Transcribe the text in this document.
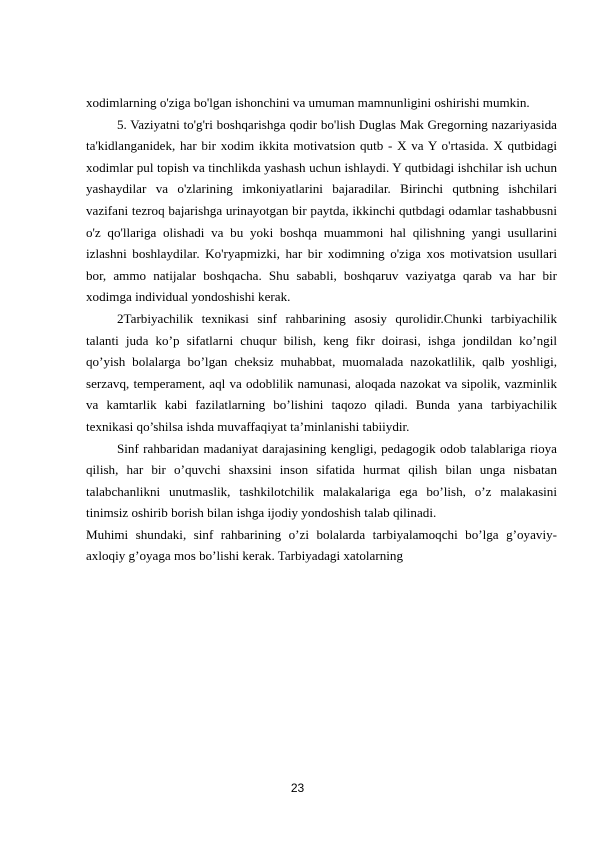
xodimlarning o'ziga bo'lgan ishonchini va umuman mamnunligini oshirishi mumkin.

5. Vaziyatni to'g'ri boshqarishga qodir bo'lish Duglas Mak Gregorning nazariyasida ta'kidlanganidek, har bir xodim ikkita motivatsion qutb - X va Y o'rtasida. X qutbidagi xodimlar pul topish va tinchlikda yashash uchun ishlaydi. Y qutbidagi ishchilar ish uchun yashaydilar va o'zlarining imkoniyatlarini bajaradilar. Birinchi qutbning ishchilari vazifani tezroq bajarishga urinayotgan bir paytda, ikkinchi qutbdagi odamlar tashabbusni o'z qo'llariga olishadi va bu yoki boshqa muammoni hal qilishning yangi usullarini izlashni boshlaydilar. Ko'ryapmizki, har bir xodimning o'ziga xos motivatsion usullari bor, ammo natijalar boshqacha. Shu sababli, boshqaruv vaziyatga qarab va har bir xodimga individual yondoshishi kerak.

2Tarbiyachilik texnikasi sinf rahbarining asosiy qurolidir.Chunki tarbiyachilik talanti juda ko’p sifatlarni chuqur bilish, keng fikr doirasi, ishga jondildan ko’ngil qo’yish bolalarga bo’lgan cheksiz muhabbat, muomalada nazokatlilik, qalb yoshligi, serzavq, temperament, aql va odoblilik namunasi, aloqada nazokat va sipolik, vazminlik va kamtarlik kabi fazilatlarning bo’lishini taqozo qiladi. Bunda yana tarbiyachilik texnikasi qo’shilsa ishda muvaffaqiyat ta’minlanishi tabiiydir.

Sinf rahbaridan madaniyat darajasining kengligi, pedagogik odob talablariga rioya qilish, har bir o’quvchi shaxsini inson sifatida hurmat qilish bilan unga nisbatan talabchanlikni unutmaslik, tashkilotchilik malakalariga ega bo’lish, o’z malakasini tinimsiz oshirib borish bilan ishga ijodiy yondoshish talab qilinadi.

Muhimi shundaki, sinf rahbarining o’zi bolalarda tarbiyalamoqchi bo’lga g’oyaviy-axloqiy g’oyaga mos bo’lishi kerak. Tarbiyadagi xatolarning

23
